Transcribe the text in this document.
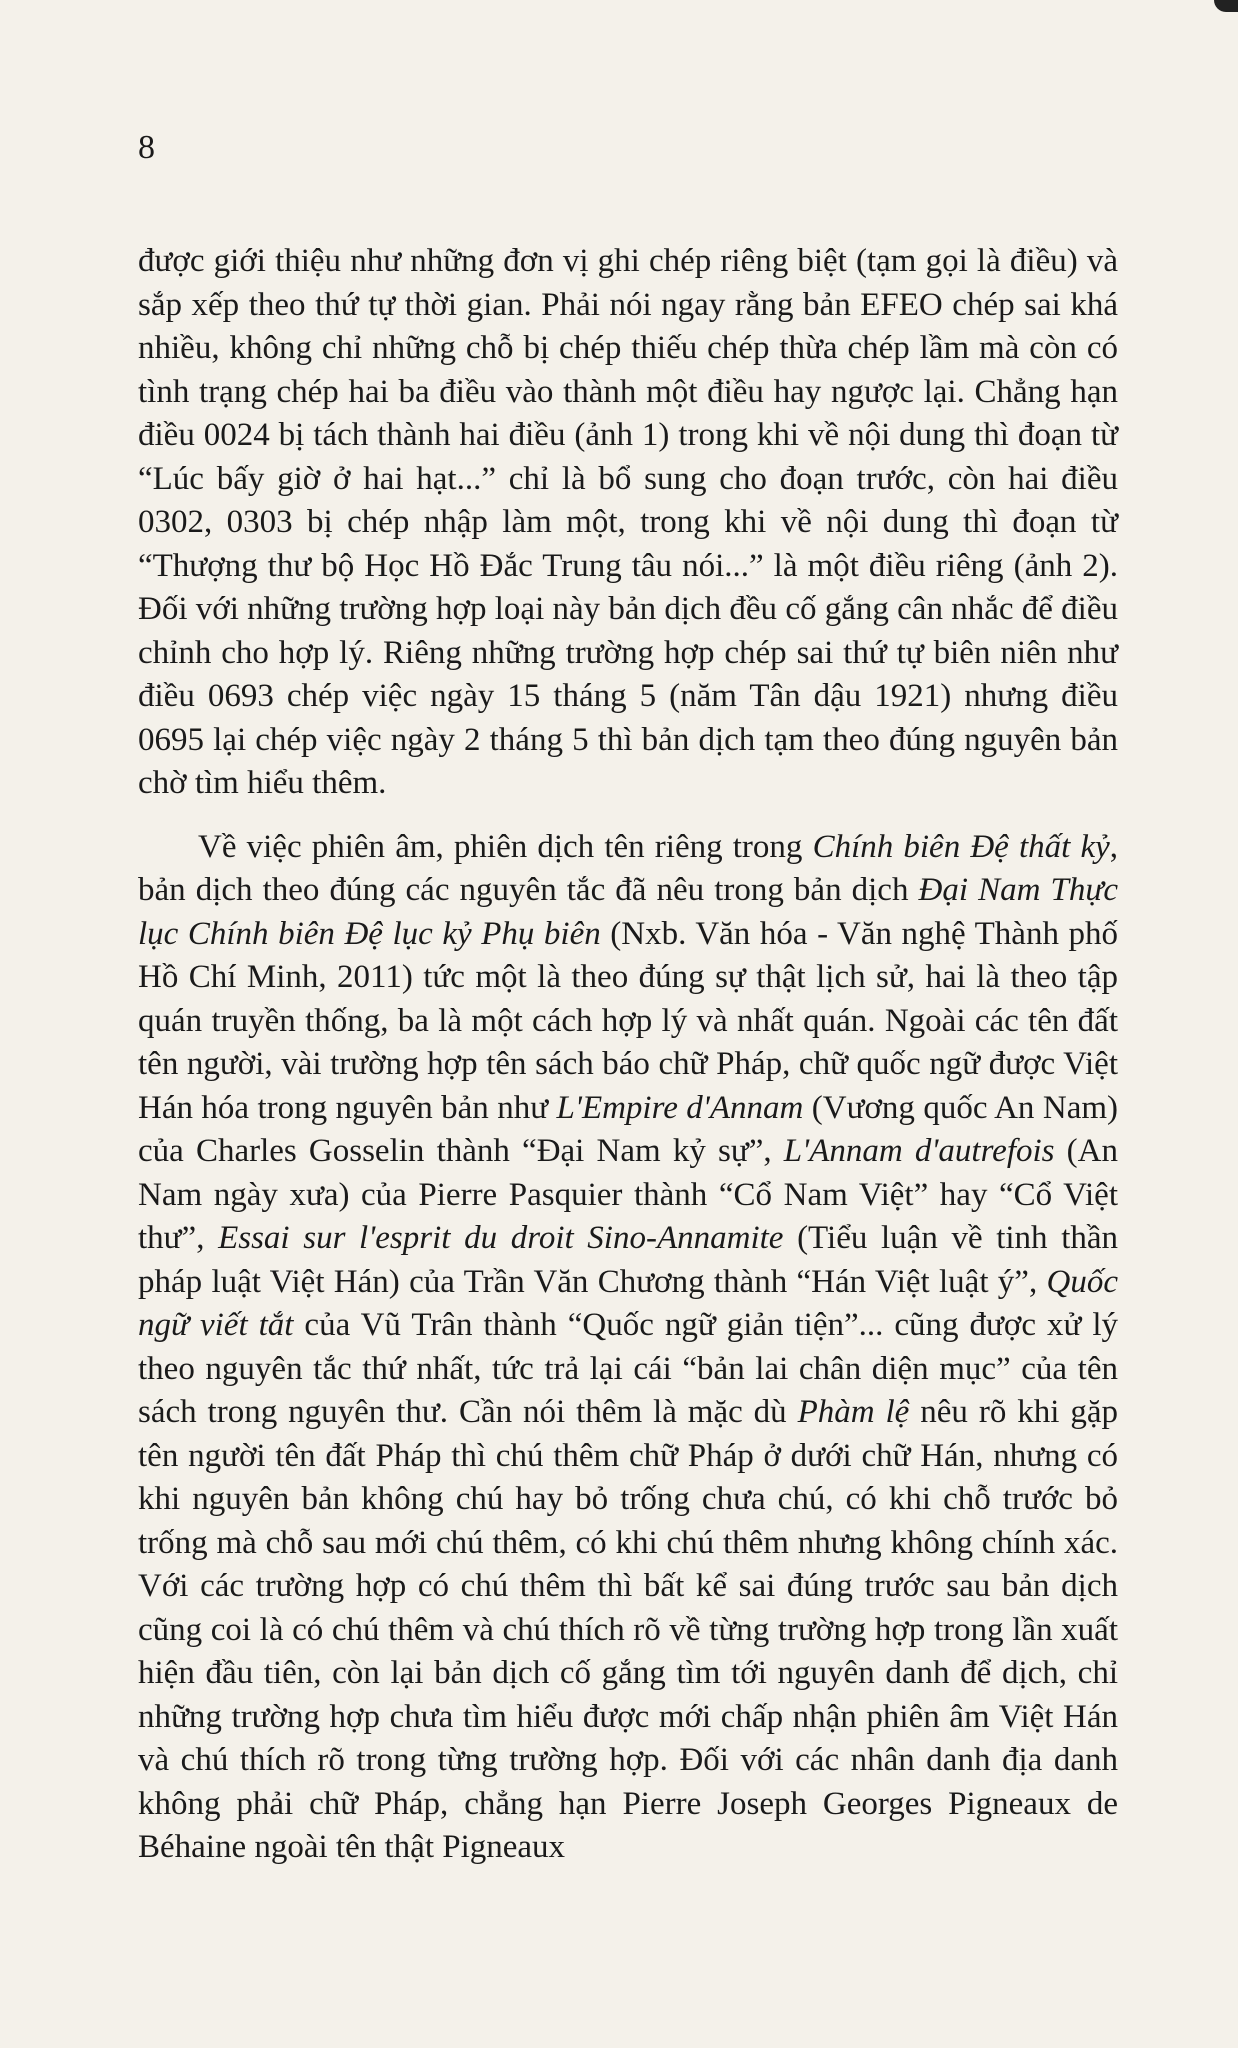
8

được giới thiệu như những đơn vị ghi chép riêng biệt (tạm gọi là điều) và sắp xếp theo thứ tự thời gian. Phải nói ngay rằng bản EFEO chép sai khá nhiều, không chỉ những chỗ bị chép thiếu chép thừa chép lầm mà còn có tình trạng chép hai ba điều vào thành một điều hay ngược lại. Chẳng hạn điều 0024 bị tách thành hai điều (ảnh 1) trong khi về nội dung thì đoạn từ “Lúc bấy giờ ở hai hạt...” chỉ là bổ sung cho đoạn trước, còn hai điều 0302, 0303 bị chép nhập làm một, trong khi về nội dung thì đoạn từ “Thượng thư bộ Học Hồ Đắc Trung tâu nói...” là một điều riêng (ảnh 2). Đối với những trường hợp loại này bản dịch đều cố gắng cân nhắc để điều chỉnh cho hợp lý. Riêng những trường hợp chép sai thứ tự biên niên như điều 0693 chép việc ngày 15 tháng 5 (năm Tân dậu 1921) nhưng điều 0695 lại chép việc ngày 2 tháng 5 thì bản dịch tạm theo đúng nguyên bản chờ tìm hiểu thêm.

Về việc phiên âm, phiên dịch tên riêng trong Chính biên Đệ thất kỷ, bản dịch theo đúng các nguyên tắc đã nêu trong bản dịch Đại Nam Thực lục Chính biên Đệ lục kỷ Phụ biên (Nxb. Văn hóa - Văn nghệ Thành phố Hồ Chí Minh, 2011) tức một là theo đúng sự thật lịch sử, hai là theo tập quán truyền thống, ba là một cách hợp lý và nhất quán. Ngoài các tên đất tên người, vài trường hợp tên sách báo chữ Pháp, chữ quốc ngữ được Việt Hán hóa trong nguyên bản như L'Empire d'Annam (Vương quốc An Nam) của Charles Gosselin thành “Đại Nam kỷ sự”, L'Annam d'autrefois (An Nam ngày xưa) của Pierre Pasquier thành “Cổ Nam Việt” hay “Cổ Việt thư”, Essai sur l'esprit du droit Sino-Annamite (Tiểu luận về tinh thần pháp luật Việt Hán) của Trần Văn Chương thành “Hán Việt luật ý”, Quốc ngữ viết tắt của Vũ Trân thành “Quốc ngữ giản tiện”... cũng được xử lý theo nguyên tắc thứ nhất, tức trả lại cái “bản lai chân diện mục” của tên sách trong nguyên thư. Cần nói thêm là mặc dù Phàm lệ nêu rõ khi gặp tên người tên đất Pháp thì chú thêm chữ Pháp ở dưới chữ Hán, nhưng có khi nguyên bản không chú hay bỏ trống chưa chú, có khi chỗ trước bỏ trống mà chỗ sau mới chú thêm, có khi chú thêm nhưng không chính xác. Với các trường hợp có chú thêm thì bất kể sai đúng trước sau bản dịch cũng coi là có chú thêm và chú thích rõ về từng trường hợp trong lần xuất hiện đầu tiên, còn lại bản dịch cố gắng tìm tới nguyên danh để dịch, chỉ những trường hợp chưa tìm hiểu được mới chấp nhận phiên âm Việt Hán và chú thích rõ trong từng trường hợp. Đối với các nhân danh địa danh không phải chữ Pháp, chẳng hạn Pierre Joseph Georges Pigneaux de Béhaine ngoài tên thật Pigneaux
